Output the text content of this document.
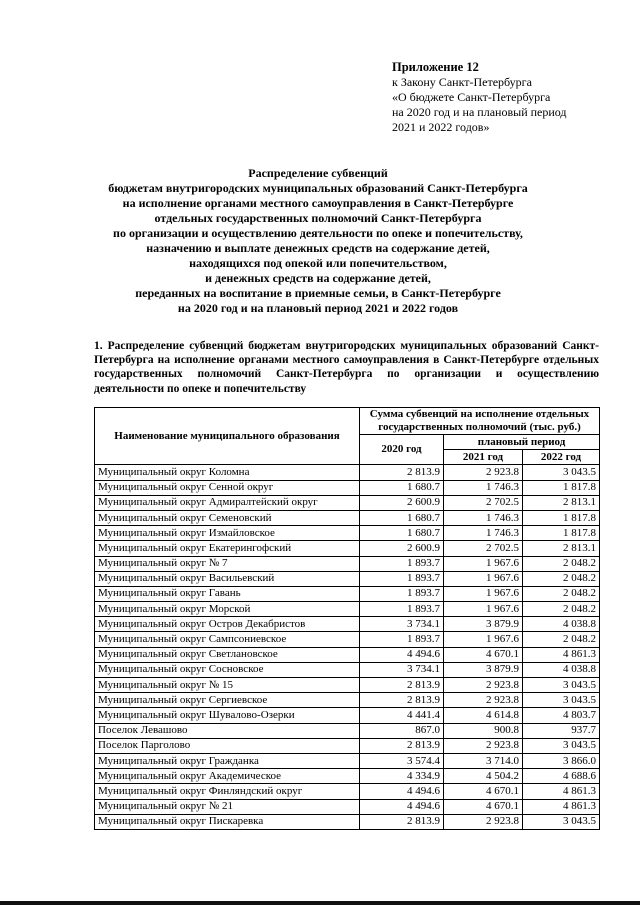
Приложение 12
к Закону Санкт-Петербурга
«О бюджете Санкт-Петербурга
на 2020 год и на плановый период
2021 и 2022 годов»
Распределение субвенций
бюджетам внутригородских муниципальных образований Санкт-Петербурга
на исполнение органами местного самоуправления в Санкт-Петербурге
отдельных государственных полномочий Санкт-Петербурга
по организации и осуществлению деятельности по опеке и попечительству,
назначению и выплате денежных средств на содержание детей,
находящихся под опекой или попечительством,
и денежных средств на содержание детей,
переданных на воспитание в приемные семьи, в Санкт-Петербурге
на 2020 год и на плановый период 2021 и 2022 годов
1. Распределение субвенций бюджетам внутригородских муниципальных образований Санкт-Петербурга на исполнение органами местного самоуправления в Санкт-Петербурге отдельных государственных полномочий Санкт-Петербурга по организации и осуществлению деятельности по опеке и попечительству
Наименование муниципального образования	Сумма субвенций на исполнение отдельных государственных полномочий (тыс. руб.)		
	2020 год	плановый период	
		2021 год	2022 год
Муниципальный округ Коломна	2 813.9	2 923.8	3 043.5
Муниципальный округ Сенной округ	1 680.7	1 746.3	1 817.8
Муниципальный округ Адмиралтейский округ	2 600.9	2 702.5	2 813.1
Муниципальный округ Семеновский	1 680.7	1 746.3	1 817.8
Муниципальный округ Измайловское	1 680.7	1 746.3	1 817.8
Муниципальный округ Екатерингофский	2 600.9	2 702.5	2 813.1
Муниципальный округ № 7	1 893.7	1 967.6	2 048.2
Муниципальный округ Васильевский	1 893.7	1 967.6	2 048.2
Муниципальный округ Гавань	1 893.7	1 967.6	2 048.2
Муниципальный округ Морской	1 893.7	1 967.6	2 048.2
Муниципальный округ Остров Декабристов	3 734.1	3 879.9	4 038.8
Муниципальный округ Сампсониевское	1 893.7	1 967.6	2 048.2
Муниципальный округ Светлановское	4 494.6	4 670.1	4 861.3
Муниципальный округ Сосновское	3 734.1	3 879.9	4 038.8
Муниципальный округ № 15	2 813.9	2 923.8	3 043.5
Муниципальный округ Сергиевское	2 813.9	2 923.8	3 043.5
Муниципальный округ Шувалово-Озерки	4 441.4	4 614.8	4 803.7
Поселок Левашово	867.0	900.8	937.7
Поселок Парголово	2 813.9	2 923.8	3 043.5
Муниципальный округ Гражданка	3 574.4	3 714.0	3 866.0
Муниципальный округ Академическое	4 334.9	4 504.2	4 688.6
Муниципальный округ Финляндский округ	4 494.6	4 670.1	4 861.3
Муниципальный округ № 21	4 494.6	4 670.1	4 861.3
Муниципальный округ Пискаревка	2 813.9	2 923.8	3 043.5
